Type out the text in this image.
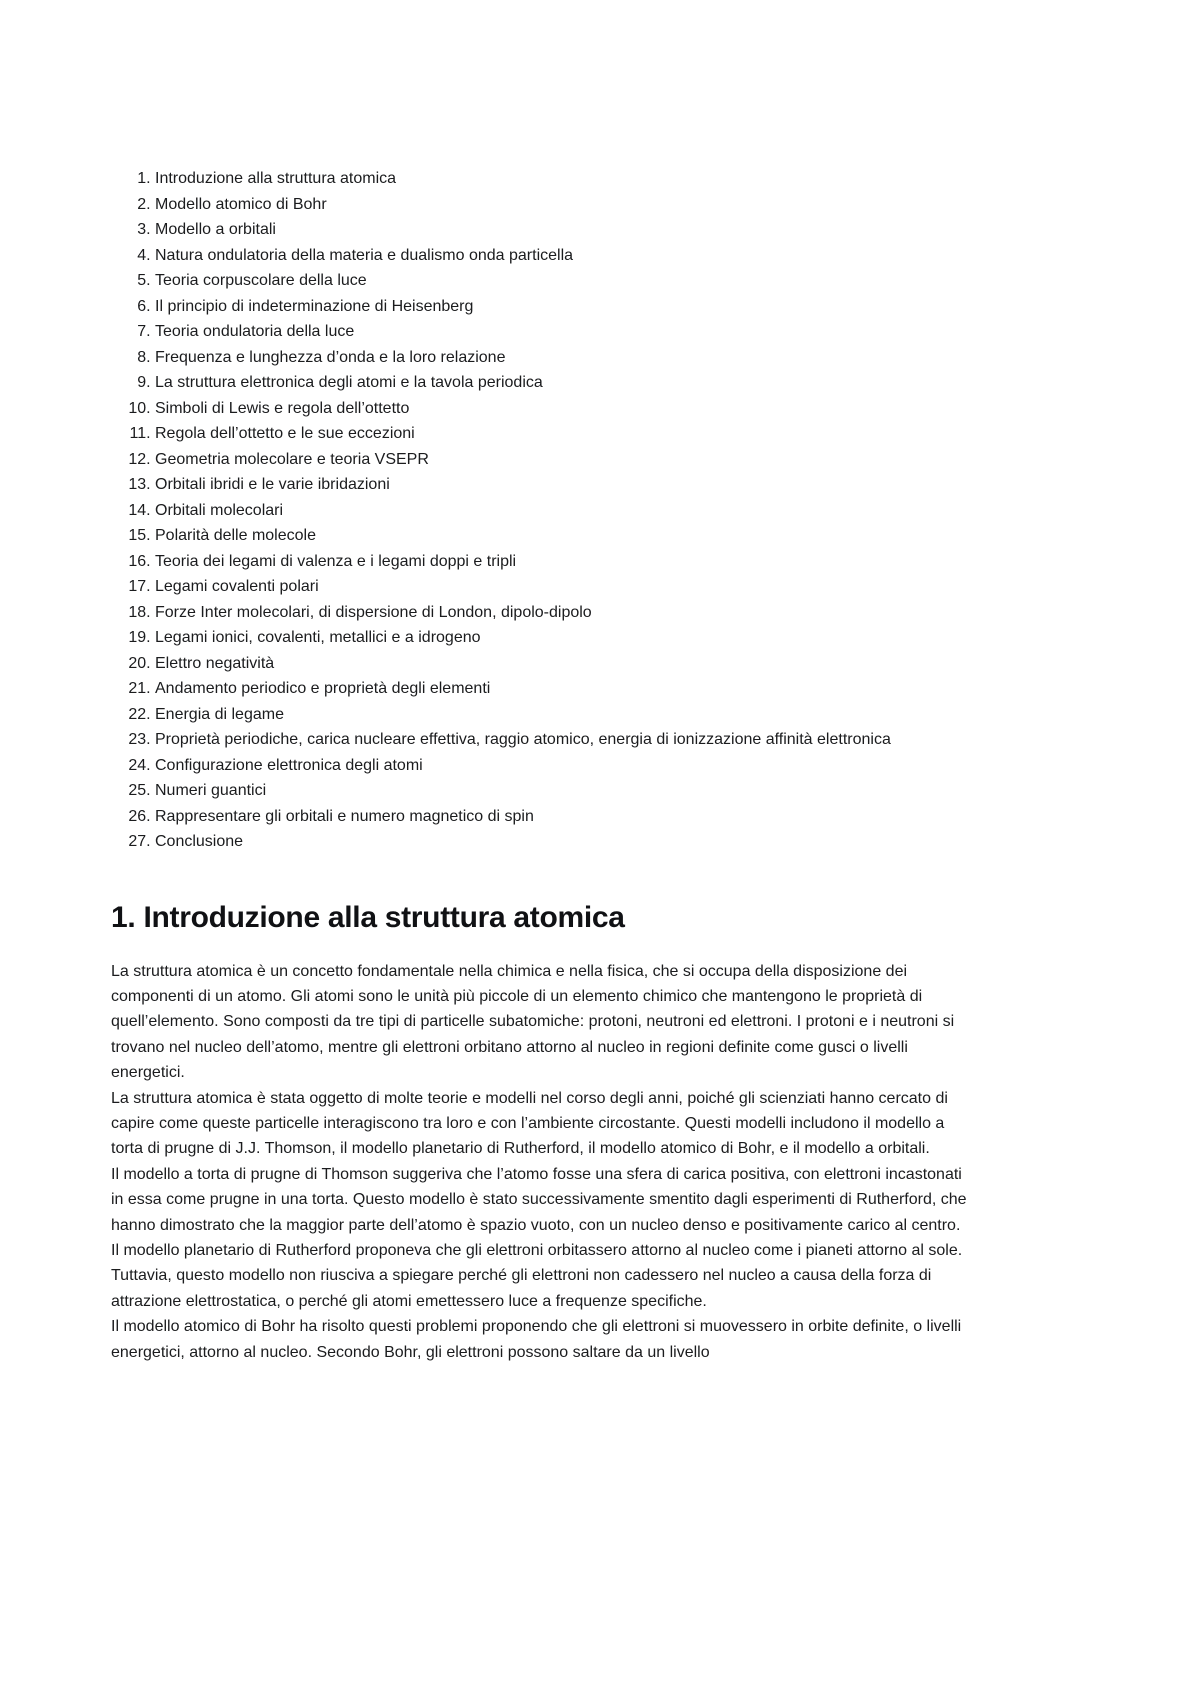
1. Introduzione alla struttura atomica
2. Modello atomico di Bohr
3. Modello a orbitali
4. Natura ondulatoria della materia e dualismo onda particella
5. Teoria corpuscolare della luce
6. Il principio di indeterminazione di Heisenberg
7. Teoria ondulatoria della luce
8. Frequenza e lunghezza d’onda e la loro relazione
9. La struttura elettronica degli atomi e la tavola periodica
10. Simboli di Lewis e regola dell’ottetto
11. Regola dell’ottetto e le sue eccezioni
12. Geometria molecolare e teoria VSEPR
13. Orbitali ibridi e le varie ibridazioni
14. Orbitali molecolari
15. Polarità delle molecole
16. Teoria dei legami di valenza e i legami doppi e tripli
17. Legami covalenti polari
18. Forze Inter molecolari, di dispersione di London, dipolo-dipolo
19. Legami ionici, covalenti, metallici e a idrogeno
20. Elettro negatività
21. Andamento periodico e proprietà degli elementi
22. Energia di legame
23. Proprietà periodiche, carica nucleare effettiva, raggio atomico, energia di ionizzazione affinità elettronica
24. Configurazione elettronica degli atomi
25. Numeri guantici
26. Rappresentare gli orbitali e numero magnetico di spin
27. Conclusione
1. Introduzione alla struttura atomica

La struttura atomica è un concetto fondamentale nella chimica e nella fisica, che si occupa della disposizione dei componenti di un atomo. Gli atomi sono le unità più piccole di un elemento chimico che mantengono le proprietà di quell’elemento. Sono composti da tre tipi di particelle subatomiche: protoni, neutroni ed elettroni. I protoni e i neutroni si trovano nel nucleo dell’atomo, mentre gli elettroni orbitano attorno al nucleo in regioni definite come gusci o livelli energetici.

La struttura atomica è stata oggetto di molte teorie e modelli nel corso degli anni, poiché gli scienziati hanno cercato di capire come queste particelle interagiscono tra loro e con l’ambiente circostante. Questi modelli includono il modello a torta di prugne di J.J. Thomson, il modello planetario di Rutherford, il modello atomico di Bohr, e il modello a orbitali.

Il modello a torta di prugne di Thomson suggeriva che l’atomo fosse una sfera di carica positiva, con elettroni incastonati in essa come prugne in una torta. Questo modello è stato successivamente smentito dagli esperimenti di Rutherford, che hanno dimostrato che la maggior parte dell’atomo è spazio vuoto, con un nucleo denso e positivamente carico al centro.

Il modello planetario di Rutherford proponeva che gli elettroni orbitassero attorno al nucleo come i pianeti attorno al sole. Tuttavia, questo modello non riusciva a spiegare perché gli elettroni non cadessero nel nucleo a causa della forza di attrazione elettrostatica, o perché gli atomi emettessero luce a frequenze specifiche.

Il modello atomico di Bohr ha risolto questi problemi proponendo che gli elettroni si muovessero in orbite definite, o livelli energetici, attorno al nucleo. Secondo Bohr, gli elettroni possono saltare da un livello
